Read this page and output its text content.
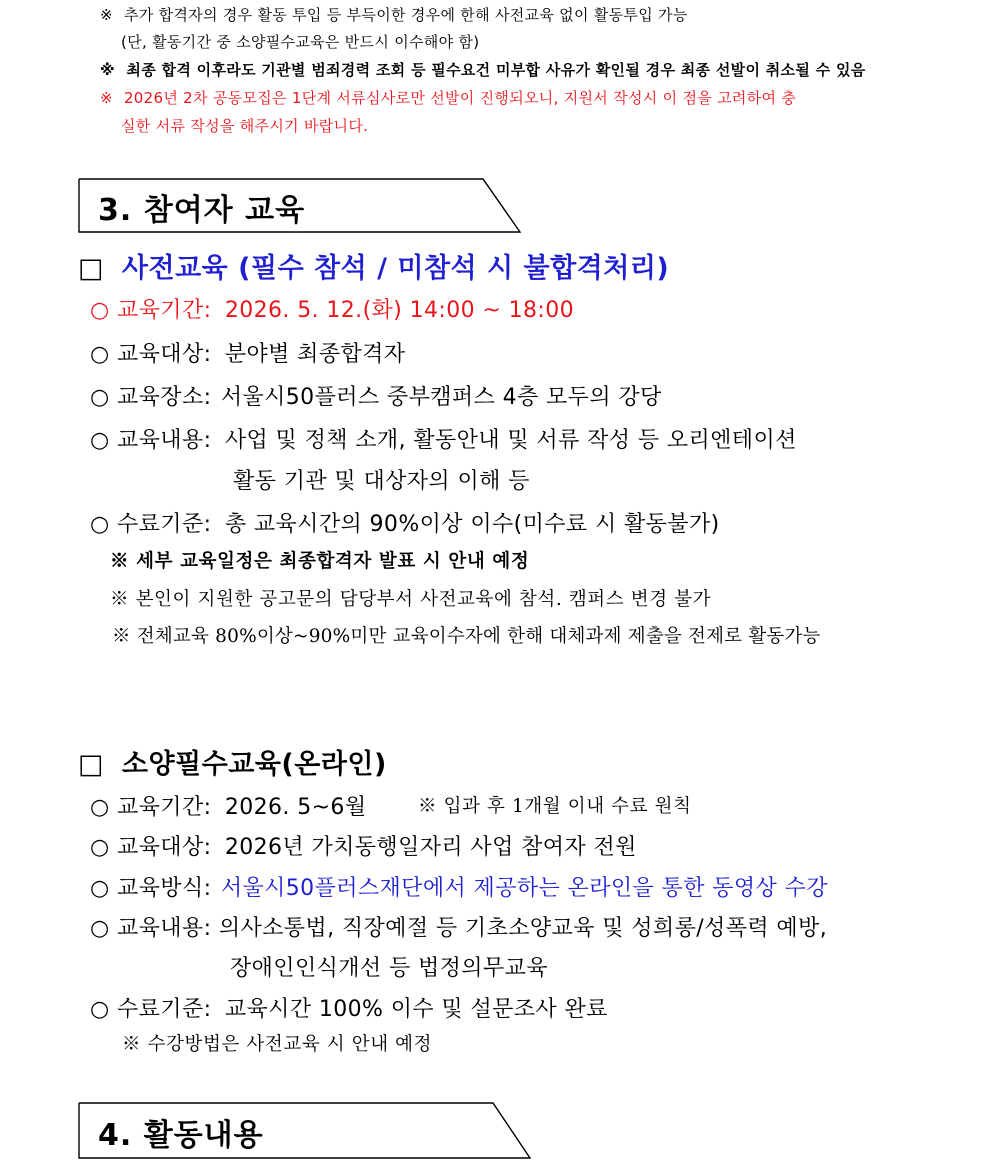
※ 추가 합격자의 경우 활동 투입 등 부득이한 경우에 한해 사전교육 없이 활동투입 가능
(단, 활동기간 중 소양필수교육은 반드시 이수해야 함)
※ 최종 합격 이후라도 기관별 범죄경력 조회 등 필수요건 미부합 사유가 확인될 경우 최종 선발이 취소될 수 있음
※ 2026년 2차 공동모집은 1단계 서류심사로만 선발이 진행되오니, 지원서 작성시 이 점을 고려하여 충
실한 서류 작성을 해주시기 바랍니다.
3. 참여자 교육
□ 사전교육 (필수 참석 / 미참석 시 불합격처리)
○ 교육기간: 2026. 5. 12.(화) 14:00 ~ 18:00
○ 교육대상: 분야별 최종합격자
○ 교육장소: 서울시50플러스 중부캠퍼스 4층 모두의 강당
○ 교육내용: 사업 및 정책 소개, 활동안내 및 서류 작성 등 오리엔테이션
활동 기관 및 대상자의 이해 등
○ 수료기준: 총 교육시간의 90%이상 이수(미수료 시 활동불가)
※ 세부 교육일정은 최종합격자 발표 시 안내 예정
※ 본인이 지원한 공고문의 담당부서 사전교육에 참석. 캠퍼스 변경 불가
※ 전체교육 80%이상~90%미만 교육이수자에 한해 대체과제 제출을 전제로 활동가능
□ 소양필수교육(온라인)
○ 교육기간: 2026. 5~6월	※ 입과 후 1개월 이내 수료 원칙
○ 교육대상: 2026년 가치동행일자리 사업 참여자 전원
○ 교육방식: 서울시50플러스재단에서 제공하는 온라인을 통한 동영상 수강
○ 교육내용: 의사소통법, 직장예절 등 기초소양교육 및 성희롱/성폭력 예방,
장애인인식개선 등 법정의무교육
○ 수료기준: 교육시간 100% 이수 및 설문조사 완료
※ 수강방법은 사전교육 시 안내 예정
4. 활동내용
